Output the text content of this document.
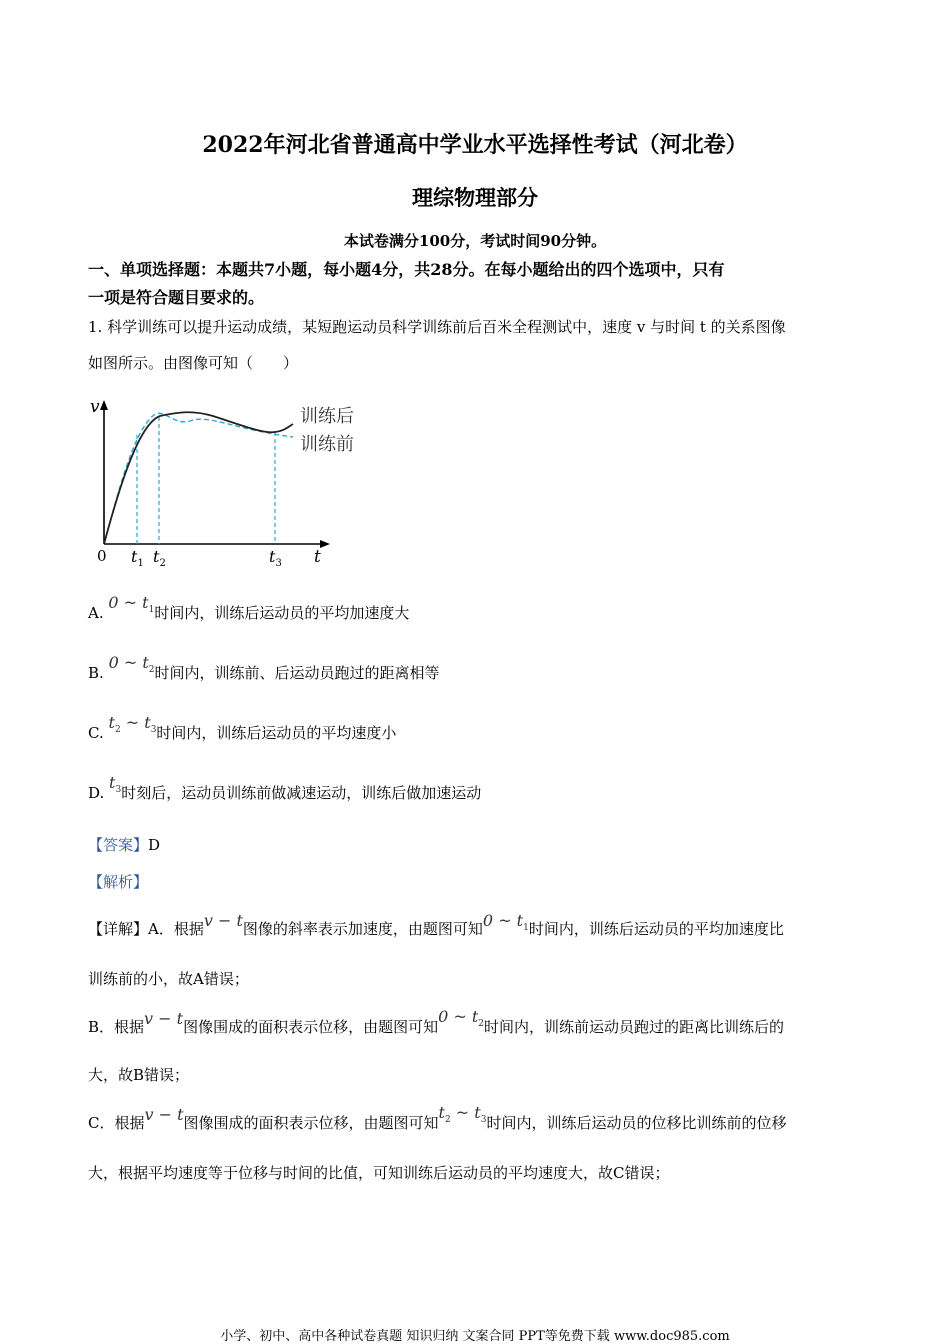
2022年河北省普通高中学业水平选择性考试（河北卷）
理综物理部分
本试卷满分100分，考试时间90分钟。
一、单项选择题：本题共7小题，每小题4分，共28分。在每小题给出的四个选项中，只有
一项是符合题目要求的。
1. 科学训练可以提升运动成绩，某短跑运动员科学训练前后百米全程测试中，速度 v 与时间 t 的关系图像
如图所示。由图像可知（　　）
v
t
0
训练后
训练前
$t_1$ $t_2$	$t_3$
A. 0 ~ $t_1$时间内，训练后运动员的平均加速度大
B. 0 ~ $t_2$时间内，训练前、后运动员跑过的距离相等
C. $t_2$ ~ $t_3$时间内，训练后运动员的平均速度小
D. $t_3$时刻后，运动员训练前做减速运动，训练后做加速运动
【答案】D
【解析】
【详解】A．根据v − t图像的斜率表示加速度，由题图可知0 ~ $t_1$时间内，训练后运动员的平均加速度比
训练前的小，故A错误；
B．根据v − t图像围成的面积表示位移，由题图可知0 ~ $t_2$时间内，训练前运动员跑过的距离比训练后的
大，故B错误；
C．根据v − t图像围成的面积表示位移，由题图可知$t_2$ ~ $t_3$时间内，训练后运动员的位移比训练前的位移
大，根据平均速度等于位移与时间的比值，可知训练后运动员的平均速度大，故C错误；
小学、初中、高中各种试卷真题 知识归纳 文案合同 PPT等免费下载 www.doc985.com
